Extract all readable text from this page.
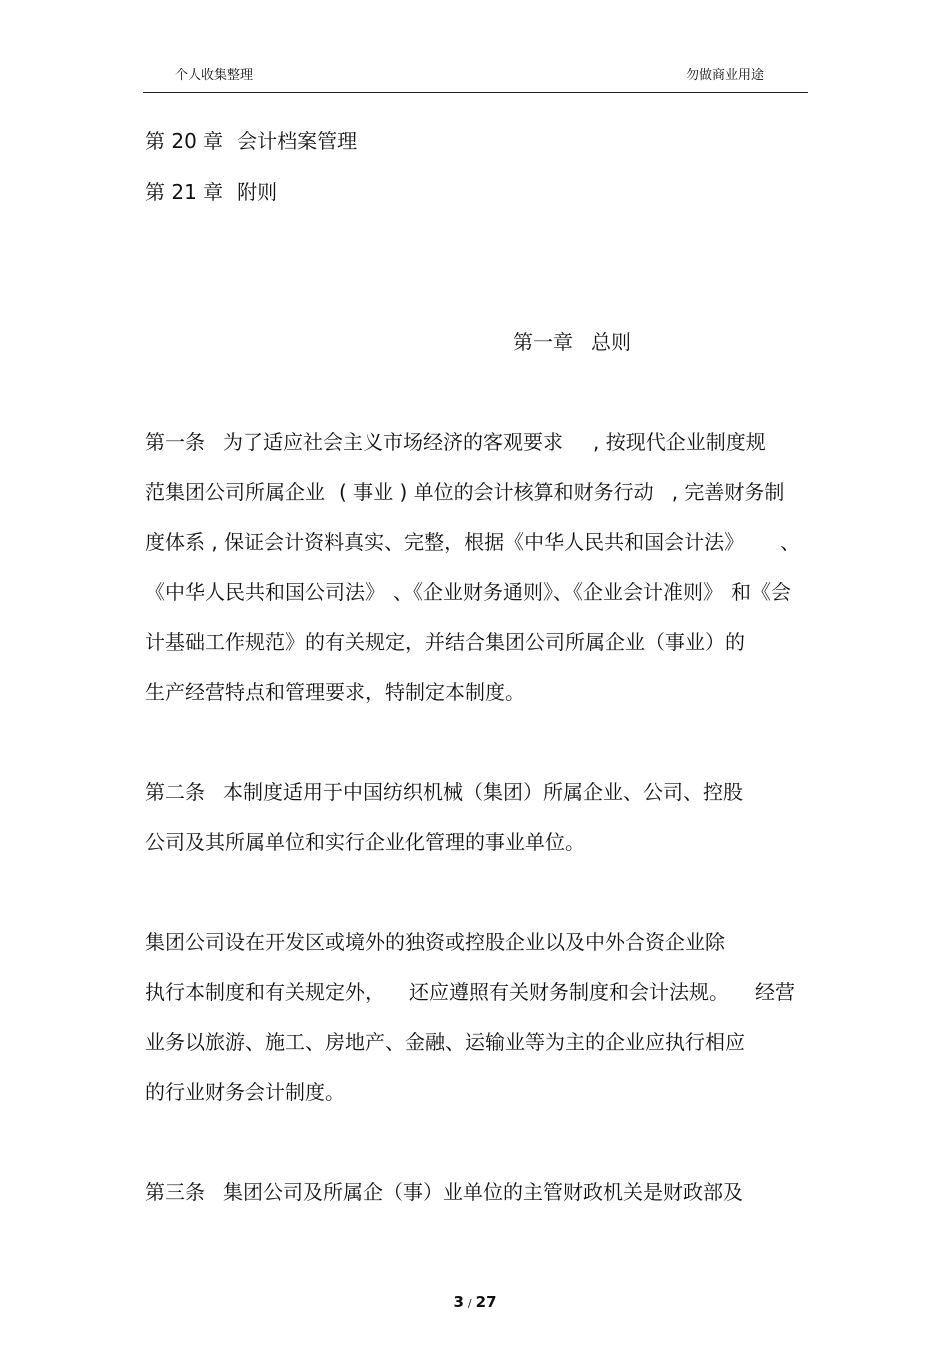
个人收集整理	勿做商业用途
第 20 章 会计档案管理
第 21 章 附则
第一章 总则
第一条 为了适应社会主义市场经济的客观要求 , 按现代企业制度规
范集团公司所属企业 ( 事业 ) 单位的会计核算和财务行动 , 完善财务制
度体系 , 保证会计资料真实、完整，根据《中华人民共和国会计法》 、
《中华人民共和国公司法》 、《企业财务通则》、《企业会计准则》 和《会
计基础工作规范》的有关规定，并结合集团公司所属企业（事业）的
生产经营特点和管理要求，特制定本制度。
第二条 本制度适用于中国纺织机械（集团）所属企业、公司、控股
公司及其所属单位和实行企业化管理的事业单位。
集团公司设在开发区或境外的独资或控股企业以及中外合资企业除
执行本制度和有关规定外， 还应遵照有关财务制度和会计法规。 经营
业务以旅游、施工、房地产、金融、运输业等为主的企业应执行相应
的行业财务会计制度。
第三条 集团公司及所属企（事）业单位的主管财政机关是财政部及
3 / 27
